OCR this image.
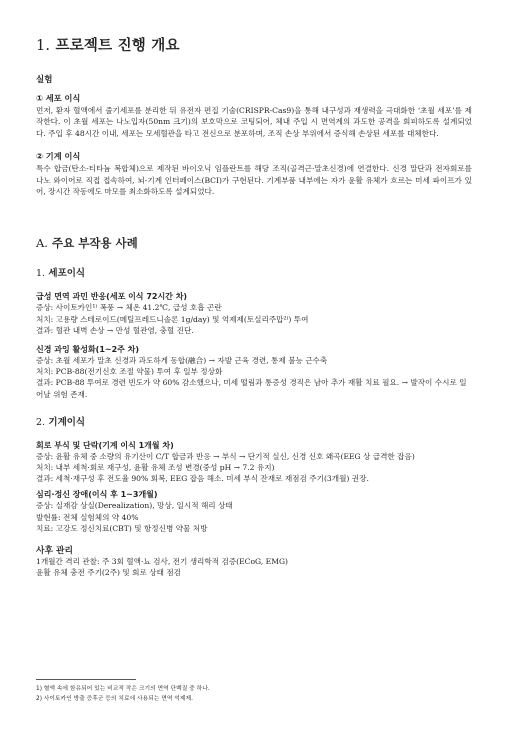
1. 프로젝트 진행 개요
실험
① 세포 이식

먼저, 환자 혈액에서 줄기세포를 분리한 뒤 유전자 편집 기술(CRISPR-Cas9)을 통해 내구성과 재생력을 극대화한 ‘초월 세포’를 제작한다. 이 초월 세포는 나노입자(50nm 크기)의 보호막으로 코팅되어, 체내 주입 시 면역계의 과도한 공격을 회피하도록 설계되었다. 주입 후 48시간 이내, 세포는 모세혈관을 타고 전신으로 분포하며, 조직 손상 부위에서 증식해 손상된 세포를 대체한다.

② 기계 이식

특수 합금(탄소-티타늄 복합체)으로 제작된 바이오닉 임플란트를 해당 조직(골격근·말초신경)에 연결한다. 신경 말단과 전자회로를 나노 와이어로 직접 접속하여, 뇌-기계 인터페이스(BCI)가 구현된다. 기계부품 내부에는 자가 윤활 유체가 흐르는 미세 파이프가 있어, 장시간 작동에도 마모를 최소화하도록 설계되었다.

A. 주요 부작용 사례
1. 세포이식
급성 면역 과민 반응(세포 이식 72시간 차)

증상: 사이토카인¹⁾ 폭풍 → 체온 41.2℃, 급성 호흡 곤란

처치: 고용량 스테로이드(메틸프레드니솔론 1g/day) 및 억제제(토실리주맙²⁾) 투여

결과: 혈관 내벽 손상 → 만성 혈관염, 충혈 진단.

신경 과잉 활성화(1~2주 차)

증상: 초월 세포가 말초 신경과 과도하게 동합(融合) → 자발 근육 경련, 통제 불능 근수축

처치: PCB-88(전기신호 조절 약물) 투여 후 일부 정상화

결과: PCB-88 투여로 경련 빈도가 약 60% 감소했으나, 미세 떨림과 통증성 경직은 남아 추가 재활 치료 필요. → 발작이 수시로 일어날 위험 존재.

2. 기계이식
회로 부식 및 단락(기계 이식 1개월 차)

증상: 윤활 유체 중 소량의 유기산이 C/T 합금과 반응 → 부식 → 단기적 실신, 신경 신호 왜곡(EEG 상 급격한 잡음)

처치: 내부 세척·회로 재구성, 윤활 유체 조성 변경(중성 pH → 7.2 유지)

결과: 세척·재구성 후 전도율 90% 회복, EEG 잡음 해소. 미세 부식 잔재로 재점검 주기(3개월) 권장.

심리·정신 장애(이식 후 1~3개월)

증상: 실재감 상실(Derealization), 망상, 일시적 해리 상태

발현률: 전체 실험체의 약 40%

치료: 고강도 정신치료(CBT) 및 항정신병 약물 처방

사후 관리

1개월간 격리 관찰: 주 3회 혈액·뇨 검사, 전기 생리학적 검증(ECoG, EMG)

윤활 유체 충전 주기(2주) 및 회로 상태 점검

1) 혈액 속에 함유되어 있는 비교적 작은 크기의 면역 단백질 중 하나.

2) 사이토카인 방출 증후군 등의 치료에 사용되는 면역 억제제.
